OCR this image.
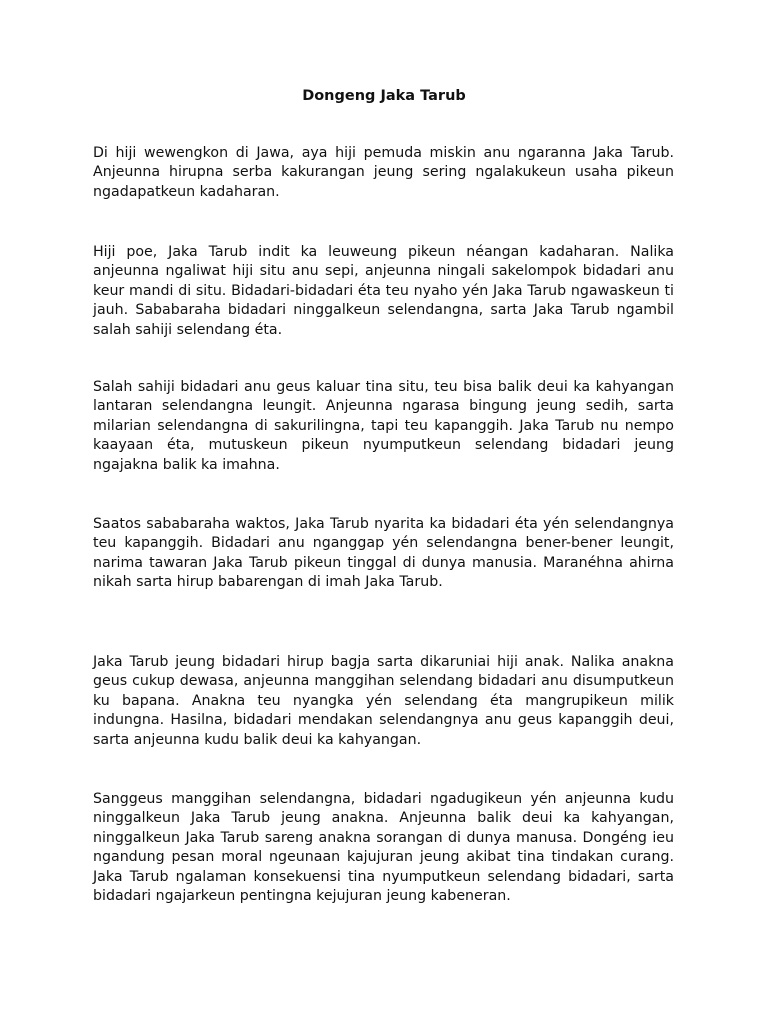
Dongeng Jaka Tarub

Di hiji wewengkon di Jawa, aya hiji pemuda miskin anu ngaranna Jaka Tarub. Anjeunna hirupna serba kakurangan jeung sering ngalakukeun usaha pikeun ngadapatkeun kadaharan.

Hiji poe, Jaka Tarub indit ka leuweung pikeun néangan kadaharan. Nalika anjeunna ngaliwat hiji situ anu sepi, anjeunna ningali sakelompok bidadari anu keur mandi di situ. Bidadari-bidadari éta teu nyaho yén Jaka Tarub ngawaskeun ti jauh. Sababaraha bidadari ninggalkeun selendangna, sarta Jaka Tarub ngambil salah sahiji selendang éta.

Salah sahiji bidadari anu geus kaluar tina situ, teu bisa balik deui ka kahyangan lantaran selendangna leungit. Anjeunna ngarasa bingung jeung sedih, sarta milarian selendangna di sakurilingna, tapi teu kapanggih. Jaka Tarub nu nempo kaayaan éta, mutuskeun pikeun nyumputkeun selendang bidadari jeung ngajakna balik ka imahna.

Saatos sababaraha waktos, Jaka Tarub nyarita ka bidadari éta yén selendangnya teu kapanggih. Bidadari anu nganggap yén selendangna bener-bener leungit, narima tawaran Jaka Tarub pikeun tinggal di dunya manusia. Maranéhna ahirna nikah sarta hirup babarengan di imah Jaka Tarub.

Jaka Tarub jeung bidadari hirup bagja sarta dikaruniai hiji anak. Nalika anakna geus cukup dewasa, anjeunna manggihan selendang bidadari anu disumputkeun ku bapana. Anakna teu nyangka yén selendang éta mangrupikeun milik indungna. Hasilna, bidadari mendakan selendangnya anu geus kapanggih deui, sarta anjeunna kudu balik deui ka kahyangan.

Sanggeus manggihan selendangna, bidadari ngadugikeun yén anjeunna kudu ninggalkeun Jaka Tarub jeung anakna. Anjeunna balik deui ka kahyangan, ninggalkeun Jaka Tarub sareng anakna sorangan di dunya manusa. Dongéng ieu ngandung pesan moral ngeunaan kajujuran jeung akibat tina tindakan curang. Jaka Tarub ngalaman konsekuensi tina nyumputkeun selendang bidadari, sarta bidadari ngajarkeun pentingna kejujuran jeung kabeneran.
